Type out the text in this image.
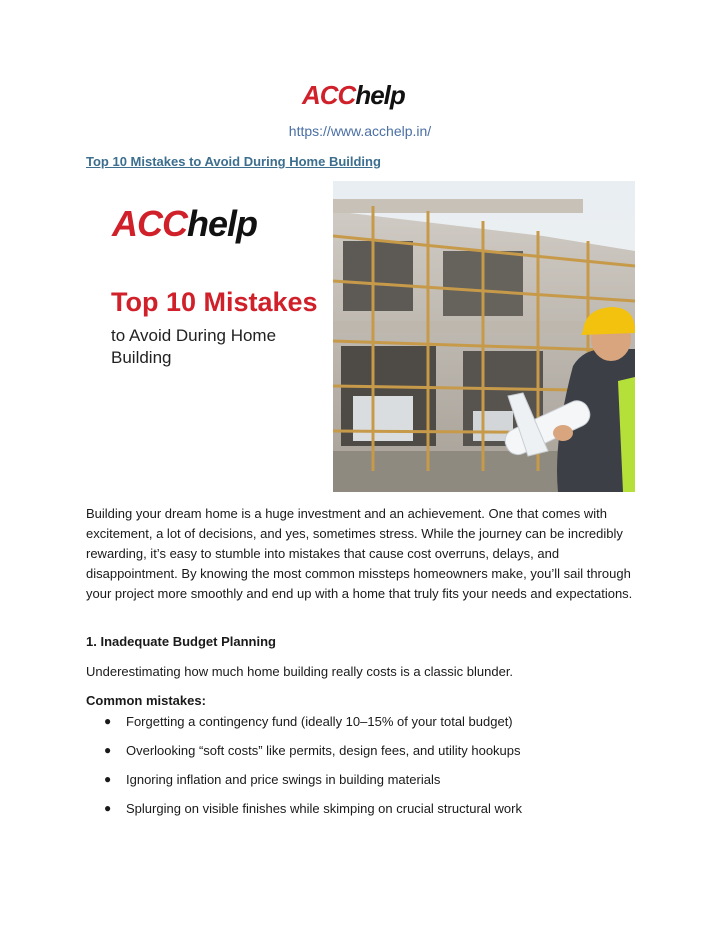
ACC help
https://www.acchelp.in/
Top 10 Mistakes to Avoid During Home Building
ACC help
Top 10 Mistakes
to Avoid During Home
Building

Building your dream home is a huge investment and an achievement. One that comes with excitement, a lot of decisions, and yes, sometimes stress. While the journey can be incredibly rewarding, it’s easy to stumble into mistakes that cause cost overruns, delays, and disappointment. By knowing the most common missteps homeowners make, you’ll sail through your project more smoothly and end up with a home that truly fits your needs and expectations.

1. Inadequate Budget Planning

Underestimating how much home building really costs is a classic blunder.

Common mistakes:
●	Forgetting a contingency fund (ideally 10–15% of your total budget)
●	Overlooking “soft costs” like permits, design fees, and utility hookups
●	Ignoring inflation and price swings in building materials
●	Splurging on visible finishes while skimping on crucial structural work
